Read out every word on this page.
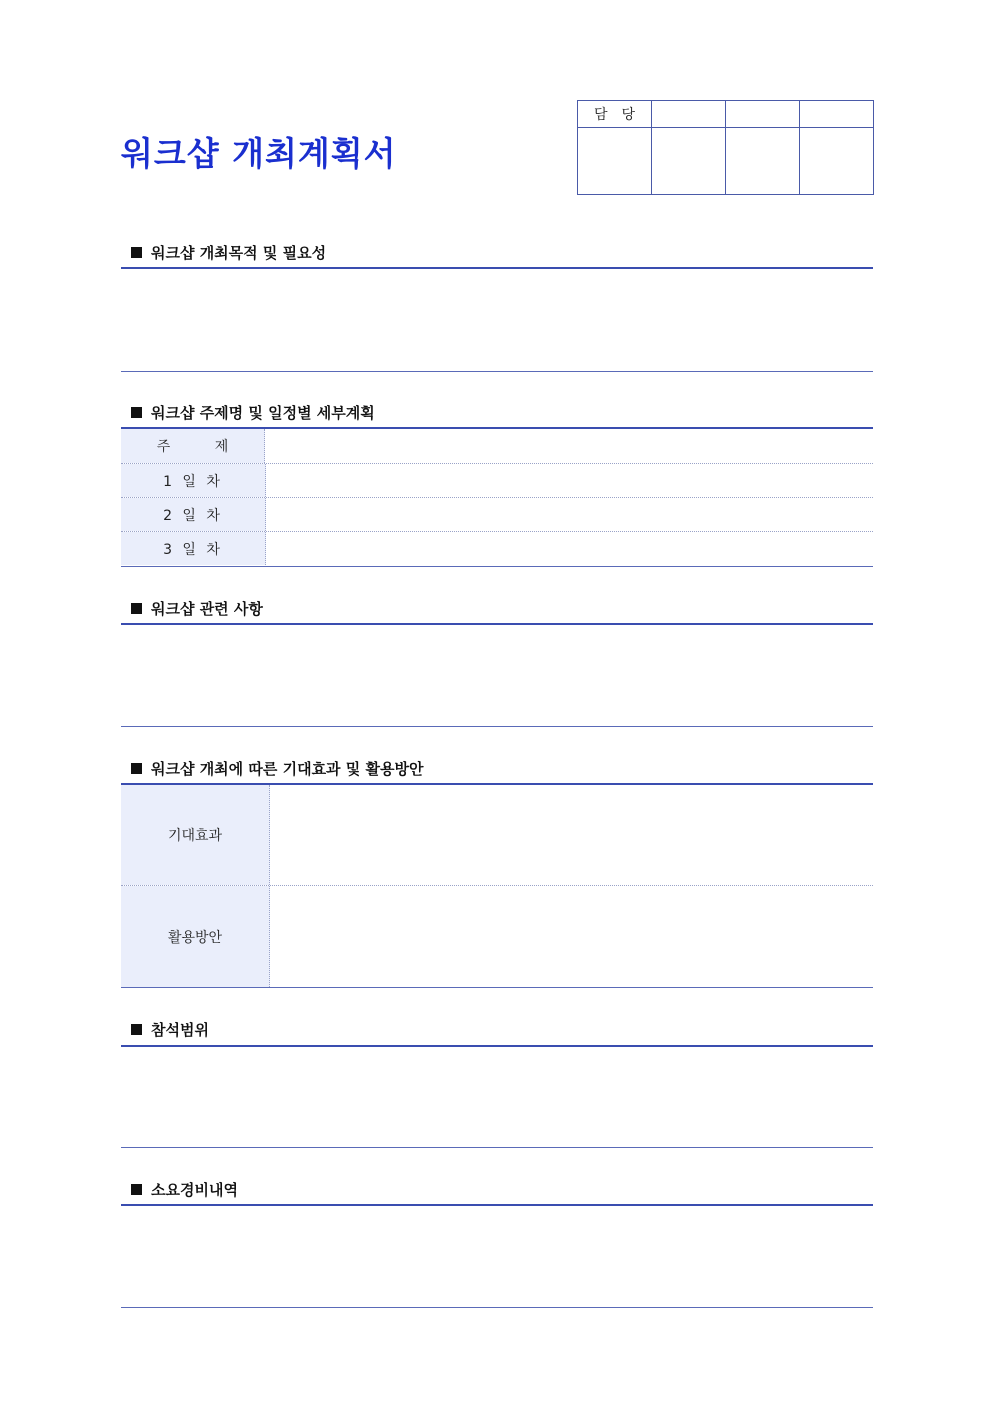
워크샵 개최계획서
담당			

워크샵 개최목적 및 필요성
워크샵 주제명 및 일정별 세부계획
주 제
1 일 차
2 일 차
3 일 차
워크샵 관련 사항
워크샵 개최에 따른 기대효과 및 활용방안
기대효과
활용방안
참석범위
소요경비내역
